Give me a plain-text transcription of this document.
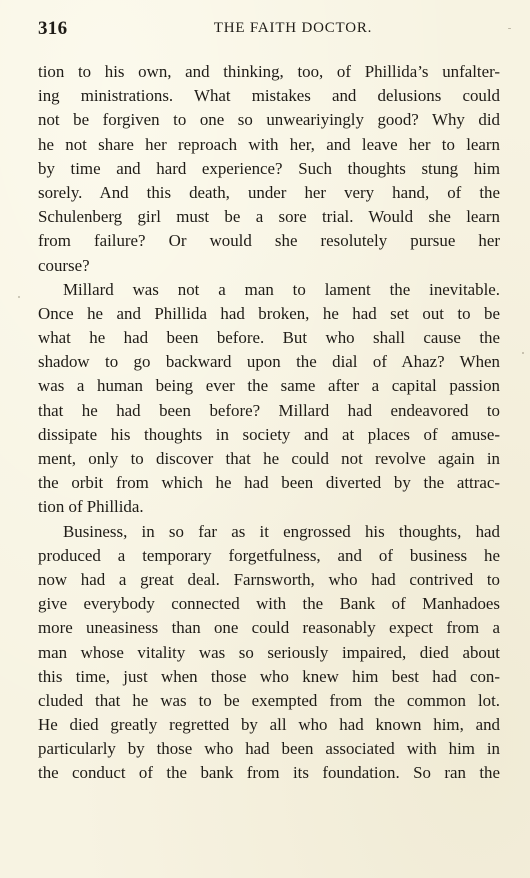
316	THE FAITH DOCTOR.
tion to his own, and thinking, too, of Phillida’s unfalter-
ing ministrations. What mistakes and delusions could
not be forgiven to one so unweariyingly good? Why did
he not share her reproach with her, and leave her to learn
by time and hard experience? Such thoughts stung him
sorely. And this death, under her very hand, of the
Schulenberg girl must be a sore trial. Would she learn
from failure? Or would she resolutely pursue her
course?
Millard was not a man to lament the inevitable.
Once he and Phillida had broken, he had set out to be
what he had been before. But who shall cause the
shadow to go backward upon the dial of Ahaz? When
was a human being ever the same after a capital passion
that he had been before? Millard had endeavored to
dissipate his thoughts in society and at places of amuse-
ment, only to discover that he could not revolve again in
the orbit from which he had been diverted by the attrac-
tion of Phillida.
Business, in so far as it engrossed his thoughts, had
produced a temporary forgetfulness, and of business he
now had a great deal. Farnsworth, who had contrived to
give everybody connected with the Bank of Manhadoes
more uneasiness than one could reasonably expect from a
man whose vitality was so seriously impaired, died about
this time, just when those who knew him best had con-
cluded that he was to be exempted from the common lot.
He died greatly regretted by all who had known him, and
particularly by those who had been associated with him in
the conduct of the bank from its foundation. So ran the
